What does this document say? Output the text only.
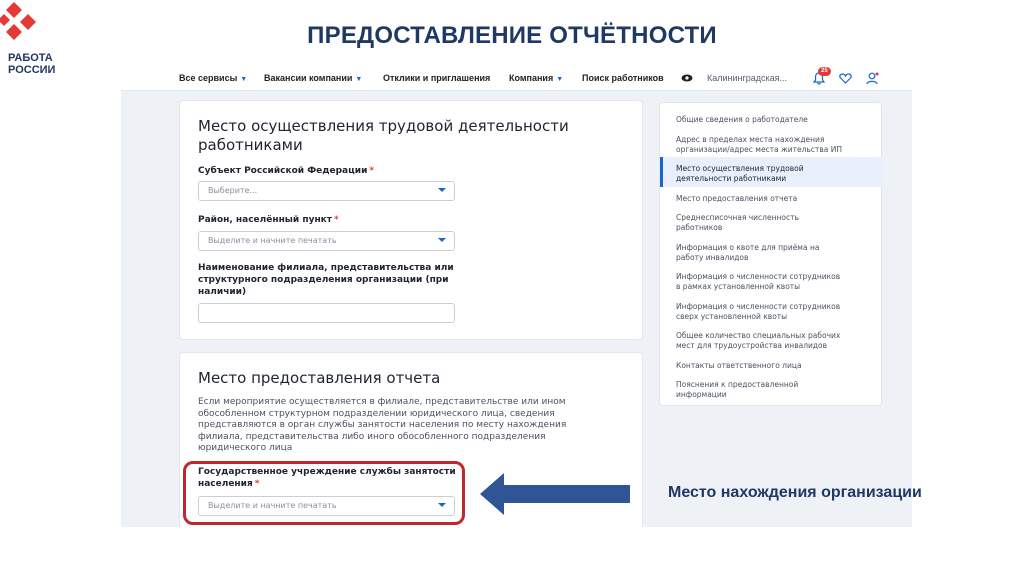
РАБОТА
РОССИИ
ПРЕДОСТАВЛЕНИЕ ОТЧЁТНОСТИ
Все сервисы ▼ Вакансии компании ▼ Отклики и приглашения Компания ▼ Поиск работников	Калининградская...
25
Место осуществления трудовой деятельности
работниками
Субъект Российской Федерации *
Выберите...
Район, населённый пункт *
Выделите и начните печатать
Наименование филиала, представительства или
структурного подразделения организации (при
наличии)
Место предоставления отчета
Если мероприятие осуществляется в филиале, представительстве или ином
обособленном структурном подразделении юридического лица, сведения
представляются в орган службы занятости населения по месту нахождения
филиала, представительства либо иного обособленного подразделения
юридического лица
Государственное учреждение службы занятости
населения *
Выделите и начните печатать
Общие сведения о работодателе
Адрес в пределах места нахождения
организации/адрес места жительства ИП
Место осуществления трудовой
деятельности работниками
Место предоставления отчета
Среднесписочная численность
работников
Информация о квоте для приёма на
работу инвалидов
Информация о численности сотрудников
в рамках установленной квоты
Информация о численности сотрудников
сверх установленной квоты
Общее количество специальных рабочих
мест для трудоустройства инвалидов
Контакты ответственного лица
Пояснения к предоставленной
информации
Место нахождения организации
